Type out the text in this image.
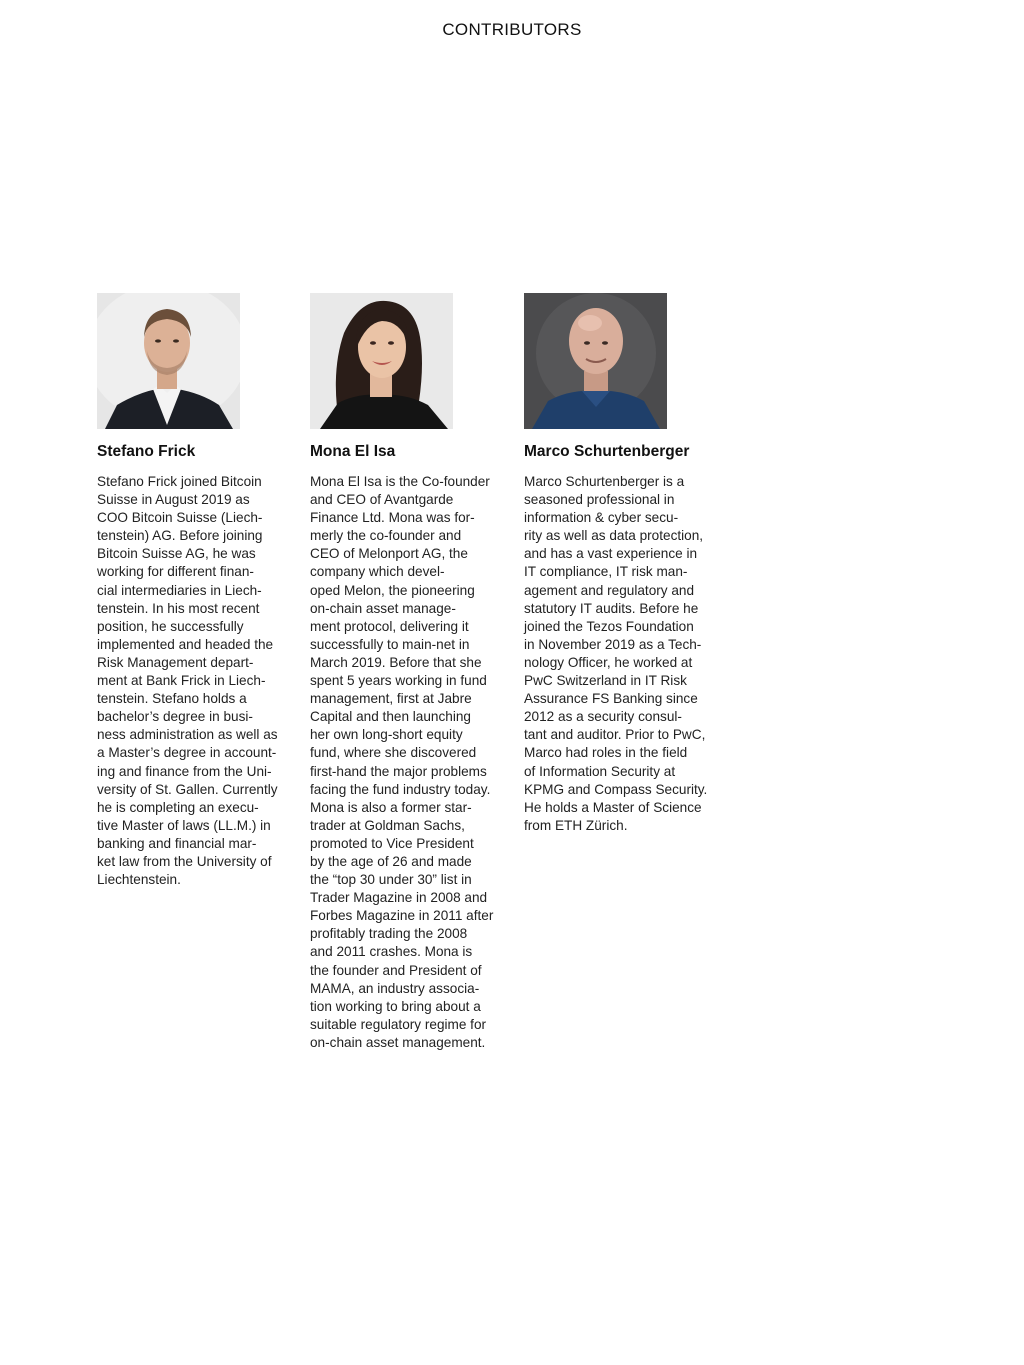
CONTRIBUTORS
Stefano Frick
Stefano Frick joined Bitcoin
Suisse in August 2019 as
COO Bitcoin Suisse (Liech-
tenstein) AG. Before joining
Bitcoin Suisse AG, he was
working for different finan-
cial intermediaries in Liech-
tenstein. In his most recent
position, he successfully
implemented and headed the
Risk Management depart-
ment at Bank Frick in Liech-
tenstein. Stefano holds a
bachelor’s degree in busi-
ness administration as well as
a Master’s degree in account-
ing and finance from the Uni-
versity of St. Gallen. Currently
he is completing an execu-
tive Master of laws (LL.M.) in
banking and financial mar-
ket law from the University of
Liechtenstein.
Mona El Isa
Mona El Isa is the Co-founder
and CEO of Avantgarde
Finance Ltd. Mona was for-
merly the co-founder and
CEO of Melonport AG, the
company which devel-
oped Melon, the pioneering
on-chain asset manage-
ment protocol, delivering it
successfully to main-net in
March 2019. Before that she
spent 5 years working in fund
management, first at Jabre
Capital and then launching
her own long-short equity
fund, where she discovered
first-hand the major problems
facing the fund industry today.
Mona is also a former star-
trader at Goldman Sachs,
promoted to Vice President
by the age of 26 and made
the “top 30 under 30” list in
Trader Magazine in 2008 and
Forbes Magazine in 2011 after
profitably trading the 2008
and 2011 crashes. Mona is
the founder and President of
MAMA, an industry associa-
tion working to bring about a
suitable regulatory regime for
on-chain asset management.
Marco Schurtenberger
Marco Schurtenberger is a
seasoned professional in
information & cyber secu-
rity as well as data protection,
and has a vast experience in
IT compliance, IT risk man-
agement and regulatory and
statutory IT audits. Before he
joined the Tezos Foundation
in November 2019 as a Tech-
nology Officer, he worked at
PwC Switzerland in IT Risk
Assurance FS Banking since
2012 as a security consul-
tant and auditor. Prior to PwC,
Marco had roles in the field
of Information Security at
KPMG and Compass Security.
He holds a Master of Science
from ETH Zürich.
